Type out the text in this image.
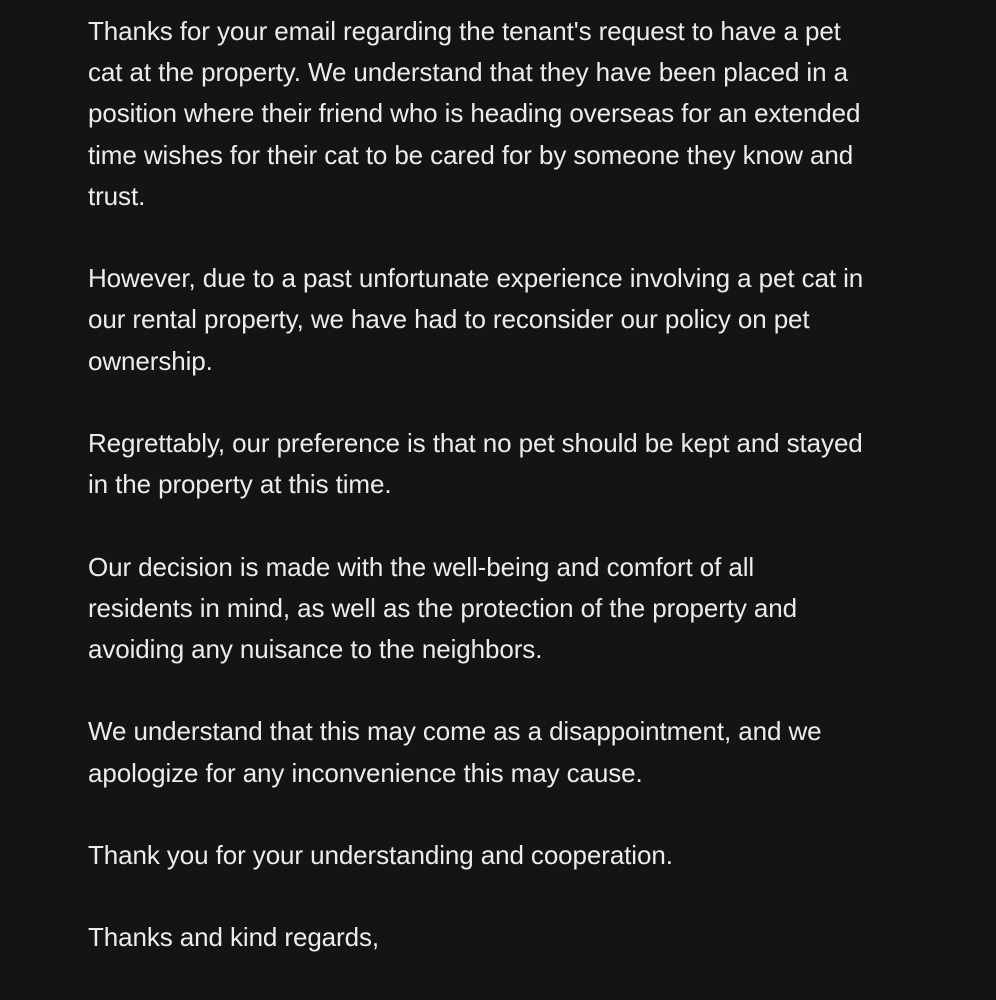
Thanks for your email regarding the tenant's request to have a pet
cat at the property. We understand that they have been placed in a
position where their friend who is heading overseas for an extended
time wishes for their cat to be cared for by someone they know and
trust.

However, due to a past unfortunate experience involving a pet cat in
our rental property, we have had to reconsider our policy on pet
ownership.

Regrettably, our preference is that no pet should be kept and stayed
in the property at this time.

Our decision is made with the well-being and comfort of all
residents in mind, as well as the protection of the property and
avoiding any nuisance to the neighbors.

We understand that this may come as a disappointment, and we
apologize for any inconvenience this may cause.

Thank you for your understanding and cooperation.

Thanks and kind regards,
